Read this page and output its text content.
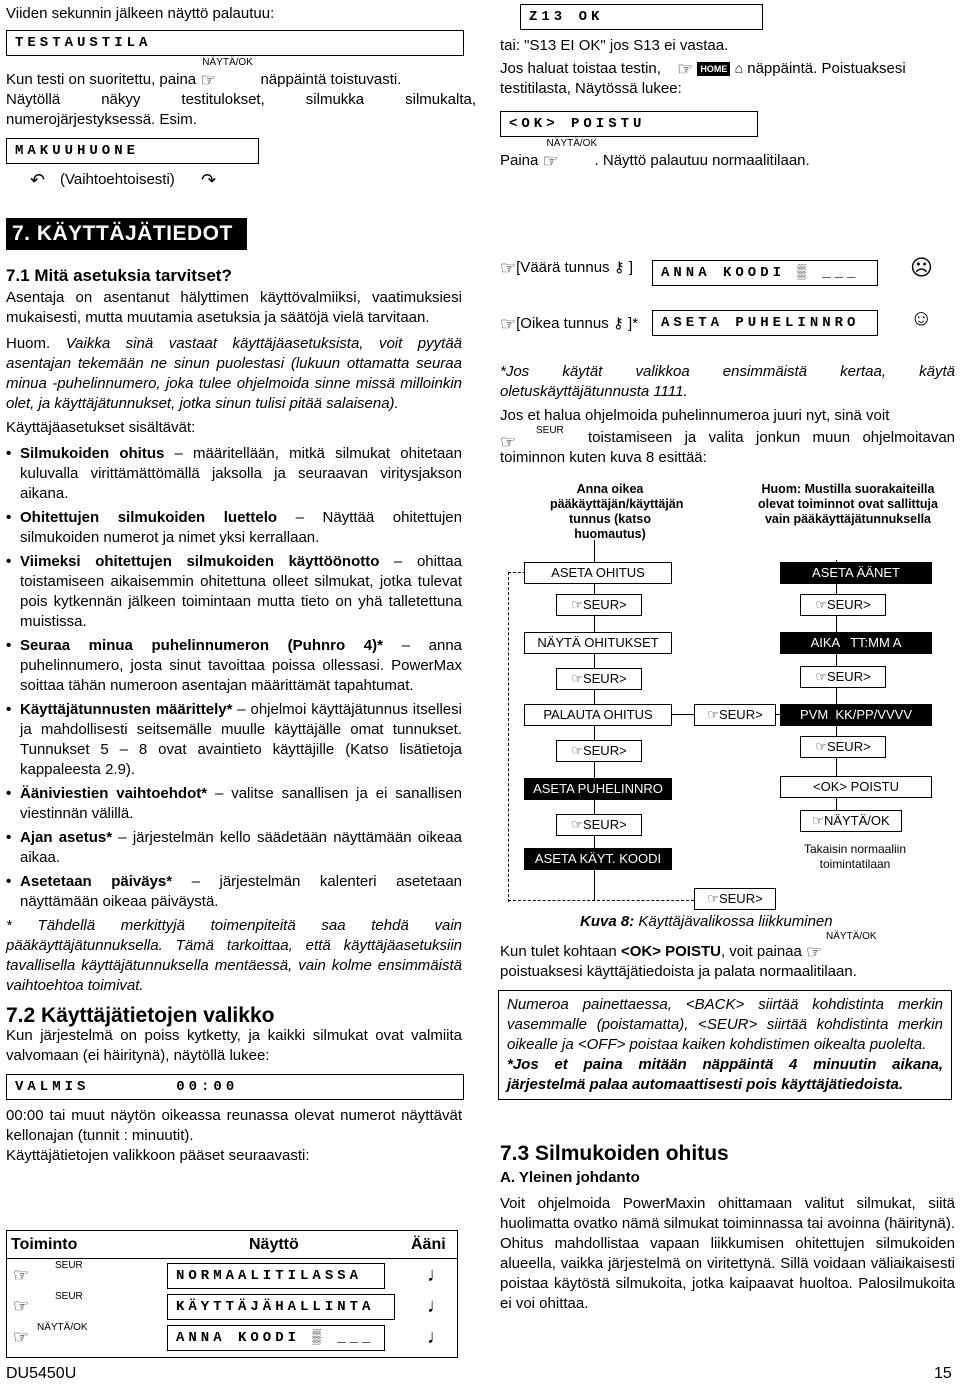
Viiden sekunnin jälkeen näyttö palautuu:
TESTAUSTILA
Kun testi on suoritettu, paina
NÄYTÄ/OK
☞	näppäintä toistuvasti.
Näytöllä näkyy testitulokset, silmukka silmukalta, numerojärjestyksessä. Esim.
MAKUUHUONE
↶ (Vaihtoehtoisesti) ↷
Z13 OK
tai: "S13 EI OK" jos S13 ei vastaa.
Jos haluat toistaa testin, ☞ HOME ⌂ näppäintä. Poistuaksesi testitilasta, Näytössä lukee:
<OK> POISTU
Paina
NÄYTÄ/OK
☞ . Näyttö palautuu normaalitilaan.
7. KÄYTTÄJÄTIEDOT
7.1 Mitä asetuksia tarvitset?
Asentaja on asentanut hälyttimen käyttövalmiiksi, vaatimuksiesi mukaisesti, mutta muutamia asetuksia ja säätöjä vielä tarvitaan.
Huom. Vaikka sinä vastaat käyttäjäasetuksista, voit pyytää asentajan tekemään ne sinun puolestasi (lukuun ottamatta seuraa minua -puhelinnumero, joka tulee ohjelmoida sinne missä milloinkin olet, ja käyttäjätunnukset, jotka sinun tulisi pitää salaisena).
Käyttäjäasetukset sisältävät:
• Silmukoiden ohitus – määritellään, mitkä silmukat ohitetaan kuluvalla virittämättömällä jaksolla ja seuraavan viritysjakson aikana.
• Ohitettujen silmukoiden luettelo – Näyttää ohitettujen silmukoiden numerot ja nimet yksi kerrallaan.
• Viimeksi ohitettujen silmukoiden käyttöönotto – ohittaa toistamiseen aikaisemmin ohitettuna olleet silmukat, jotka tulevat pois kytkennän jälkeen toimintaan mutta tieto on yhä talletettuna muistissa.
• Seuraa minua puhelinnumeron (Puhnro 4)* – anna puhelinnumero, josta sinut tavoittaa poissa ollessasi. PowerMax soittaa tähän numeroon asentajan määrittämät tapahtumat.
• Käyttäjätunnusten määrittely* – ohjelmoi käyttäjätunnus itsellesi ja mahdollisesti seitsemälle muulle käyttäjälle omat tunnukset. Tunnukset 5 – 8 ovat avaintieto käyttäjille (Katso lisätietoja kappaleesta 2.9).
• Ääniviestien vaihtoehdot* – valitse sanallisen ja ei sanallisen viestinnän välillä.
• Ajan asetus* – järjestelmän kello säädetään näyttämään oikeaa aikaa.
• Asetetaan päiväys* – järjestelmän kalenteri asetetaan näyttämään oikeaa päiväystä.
* Tähdellä merkittyjä toimenpiteitä saa tehdä vain pääkäyttäjätunnuksella. Tämä tarkoittaa, että käyttäjäasetuksiin tavallisella käyttäjätunnuksella mentäessä, vain kolme ensimmäistä vaihtoehtoa toimivat.
7.2 Käyttäjätietojen valikko
Kun järjestelmä on poiss kytketty, ja kaikki silmukat ovat valmiita valvomaan (ei häiritynä), näytöllä lukee:
VALMIS       00:00
00:00 tai muut näytön oikeassa reunassa olevat numerot näyttävät kellonajan (tunnit : minuutit).
Käyttäjätietojen valikkoon pääset seuraavasti:
Toiminto	Näyttö	Ääni
SEUR
☞	NORMAALITILASSA	♩
SEUR
☞	KÄYTTÄJÄHALLINTA	♩
NÄYTÄ/OK
☞	ANNA KOODI ▒ ___	♩
☞[Väärä tunnus ⚷ ]	ANNA KOODI ▒ ___	☹
☞[Oikea tunnus ⚷ ]*	ASETA PUHELINNRO	☺
*Jos käytät valikkoa ensimmäistä kertaa, käytä oletuskäyttäjätunnusta 1111.
Jos et halua ohjelmoida puhelinnumeroa juuri nyt, sinä voit
SEUR
☞	toistamiseen ja valita jonkun muun ohjelmoitavan toiminnon kuten kuva 8 esittää:
Anna oikea pääkäyttäjän/käyttäjän tunnus (katso huomautus)
Huom: Mustilla suorakaiteilla olevat toiminnot ovat sallittuja vain pääkäyttäjätunnuksella
ASETA OHITUS
☞SEUR>
NÄYTÄ OHITUKSET
☞SEUR>
PALAUTA OHITUS
☞SEUR>
ASETA PUHELINNRO
☞SEUR>
ASETA KÄYT. KOODI
☞SEUR>
ASETA ÄÄNET
☞SEUR>
AIKA   TT:MM A
☞SEUR>
PVM  KK/PP/VVVV
☞SEUR>
<OK> POISTU
☞NÄYTÄ/OK
Takaisin normaaliin toimintatilaan
☞SEUR>
Kuva 8: Käyttäjävalikossa liikkuminen
Kun tulet kohtaan <OK> POISTU, voit painaa
NÄYTÄ/OK
☞
poistuaksesi käyttäjätiedoista ja palata normaalitilaan.
Numeroa painettaessa, <BACK> siirtää kohdistinta merkin vasemmalle (poistamatta), <SEUR> siirtää kohdistinta merkin oikealle ja <OFF> poistaa kaiken kohdistimen oikealta puolelta.
*Jos et paina mitään näppäintä 4 minuutin aikana, järjestelmä palaa automaattisesti pois käyttäjätiedoista.
7.3 Silmukoiden ohitus
A. Yleinen johdanto
Voit ohjelmoida PowerMaxin ohittamaan valitut silmukat, siitä huolimatta ovatko nämä silmukat toiminnassa tai avoinna (häiritynä). Ohitus mahdollistaa vapaan liikkumisen ohitettujen silmukoiden alueella, vaikka järjestelmä on viritettynä. Sillä voidaan väliaikaisesti poistaa käytöstä silmukoita, jotka kaipaavat huoltoa. Palosilmukoita ei voi ohittaa.
DU5450U	15
